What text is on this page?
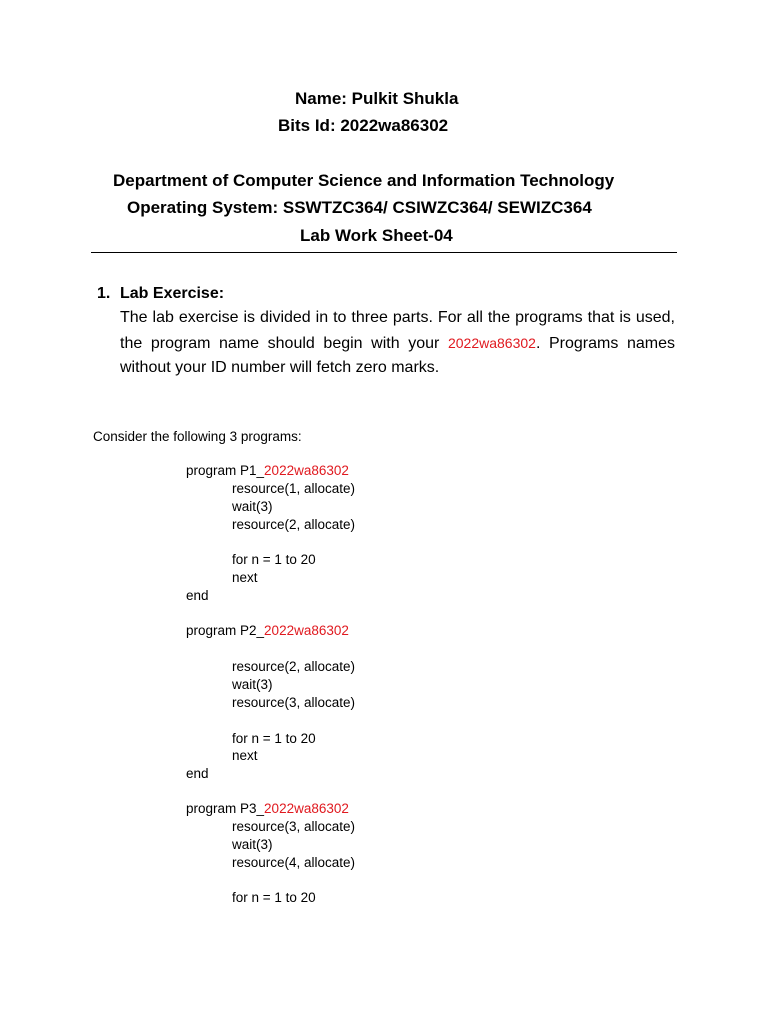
Name: Pulkit Shukla
Bits Id: 2022wa86302
Department of Computer Science and Information Technology
Operating System: SSWTZC364/ CSIWZC364/ SEWIZC364
Lab Work Sheet-04
1. Lab Exercise:
The lab exercise is divided in to three parts. For all the programs that is used, the program name should begin with your 2022wa86302. Programs names without your ID number will fetch zero marks.
Consider the following 3 programs:
program P1_2022wa86302
resource(1, allocate)
wait(3)
resource(2, allocate)
for n = 1 to 20
next
end
program P2_2022wa86302
resource(2, allocate)
wait(3)
resource(3, allocate)
for n = 1 to 20
next
end
program P3_2022wa86302
resource(3, allocate)
wait(3)
resource(4, allocate)
for n = 1 to 20
